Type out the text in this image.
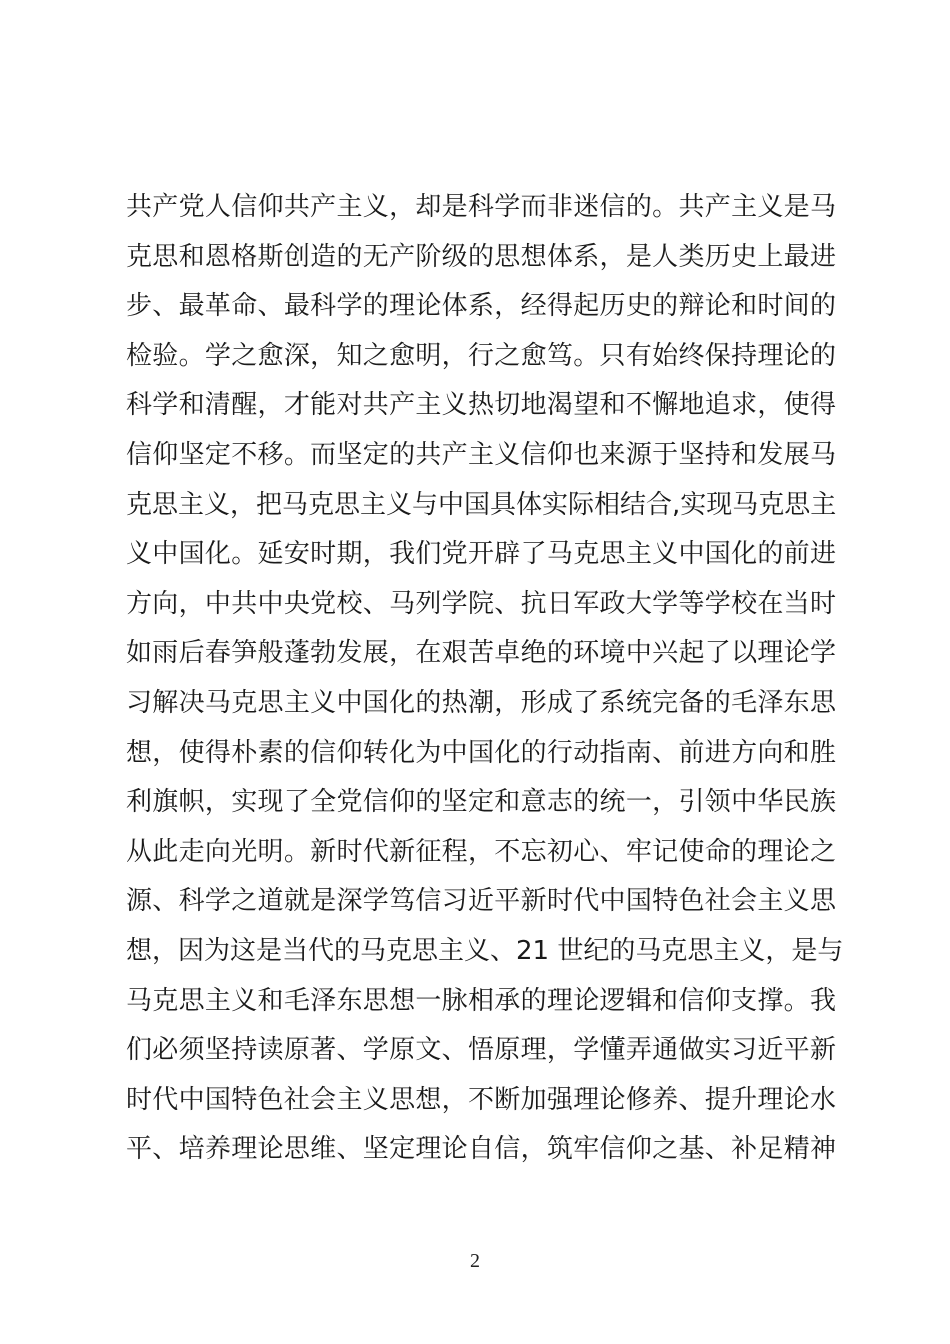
共产党人信仰共产主义，却是科学而非迷信的。共产主义是马
克思和恩格斯创造的无产阶级的思想体系，是人类历史上最进
步、最革命、最科学的理论体系，经得起历史的辩论和时间的
检验。学之愈深，知之愈明，行之愈笃。只有始终保持理论的
科学和清醒，才能对共产主义热切地渴望和不懈地追求，使得
信仰坚定不移。而坚定的共产主义信仰也来源于坚持和发展马
克思主义，把马克思主义与中国具体实际相结合,实现马克思主
义中国化。延安时期，我们党开辟了马克思主义中国化的前进
方向，中共中央党校、马列学院、抗日军政大学等学校在当时
如雨后春笋般蓬勃发展，在艰苦卓绝的环境中兴起了以理论学
习解决马克思主义中国化的热潮，形成了系统完备的毛泽东思
想，使得朴素的信仰转化为中国化的行动指南、前进方向和胜
利旗帜，实现了全党信仰的坚定和意志的统一，引领中华民族
从此走向光明。新时代新征程，不忘初心、牢记使命的理论之
源、科学之道就是深学笃信习近平新时代中国特色社会主义思
想，因为这是当代的马克思主义、21 世纪的马克思主义，是与
马克思主义和毛泽东思想一脉相承的理论逻辑和信仰支撑。我
们必须坚持读原著、学原文、悟原理，学懂弄通做实习近平新
时代中国特色社会主义思想，不断加强理论修养、提升理论水
平、培养理论思维、坚定理论自信，筑牢信仰之基、补足精神
2
